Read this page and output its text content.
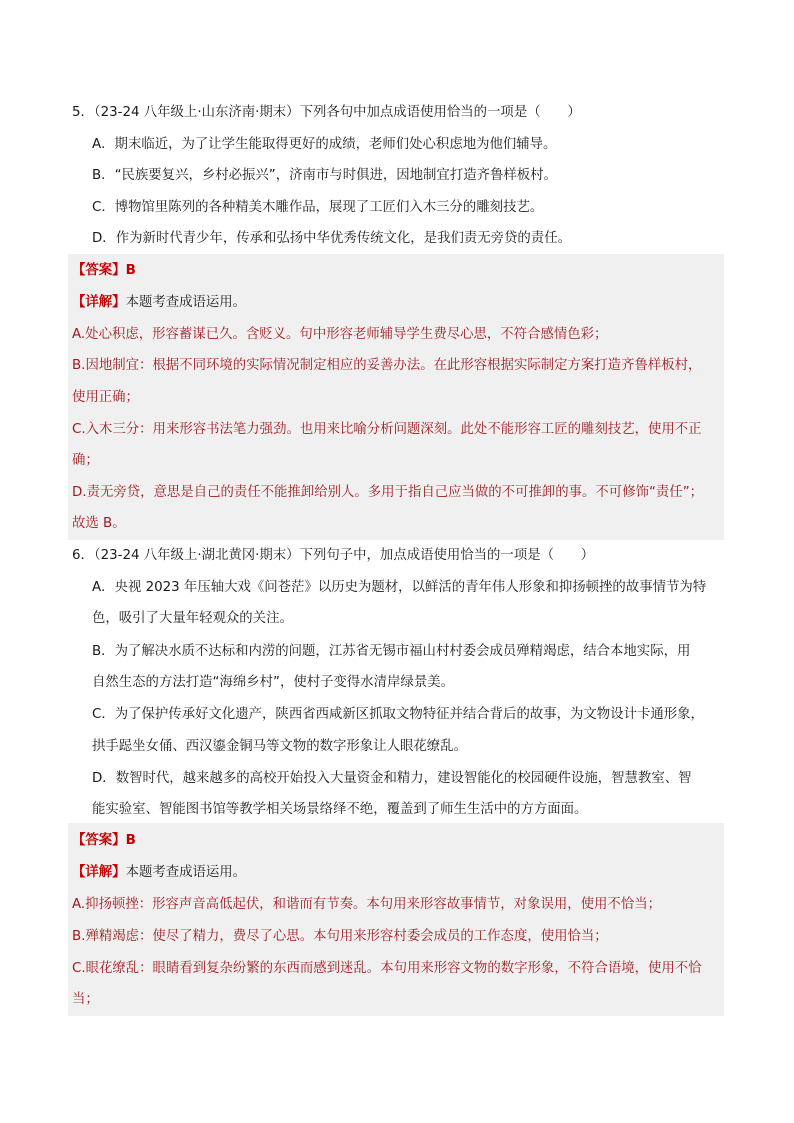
5．（23-24 八年级上·山东济南·期末）下列各句中加点成语使用恰当的一项是（　　）
A．期末临近，为了让学生能取得更好的成绩，老师们处心积虑地为他们辅导。
B．“民族要复兴，乡村必振兴”，济南市与时俱进，因地制宜打造齐鲁样板村。
C．博物馆里陈列的各种精美木雕作品，展现了工匠们入木三分的雕刻技艺。
D．作为新时代青少年，传承和弘扬中华优秀传统文化，是我们责无旁贷的责任。
【答案】B
【详解】本题考查成语运用。
A.处心积虑，形容蓄谋已久。含贬义。句中形容老师辅导学生费尽心思，不符合感情色彩；
B.因地制宜：根据不同环境的实际情况制定相应的妥善办法。在此形容根据实际制定方案打造齐鲁样板村，
使用正确；
C.入木三分：用来形容书法笔力强劲。也用来比喻分析问题深刻。此处不能形容工匠的雕刻技艺，使用不正
确；
D.责无旁贷，意思是自己的责任不能推卸给别人。多用于指自己应当做的不可推卸的事。不可修饰“责任”；
故选 B。
6．（23-24 八年级上·湖北黄冈·期末）下列句子中，加点成语使用恰当的一项是（　　）
A．央视 2023 年压轴大戏《问苍茫》以历史为题材，以鲜活的青年伟人形象和抑扬顿挫的故事情节为特
色，吸引了大量年轻观众的关注。
B．为了解决水质不达标和内涝的问题，江苏省无锡市福山村村委会成员殚精竭虑，结合本地实际，用
自然生态的方法打造“海绵乡村”，使村子变得水清岸绿景美。
C．为了保护传承好文化遗产，陕西省西咸新区抓取文物特征并结合背后的故事，为文物设计卡通形象，
拱手跽坐女俑、西汉鎏金铜马等文物的数字形象让人眼花缭乱。
D．数智时代，越来越多的高校开始投入大量资金和精力，建设智能化的校园硬件设施，智慧教室、智
能实验室、智能图书馆等教学相关场景络绎不绝，覆盖到了师生生活中的方方面面。
【答案】B
【详解】本题考查成语运用。
A.抑扬顿挫：形容声音高低起伏，和谐而有节奏。本句用来形容故事情节，对象误用，使用不恰当；
B.殚精竭虑：使尽了精力，费尽了心思。本句用来形容村委会成员的工作态度，使用恰当；
C.眼花缭乱：眼睛看到复杂纷繁的东西而感到迷乱。本句用来形容文物的数字形象，不符合语境，使用不恰
当；
